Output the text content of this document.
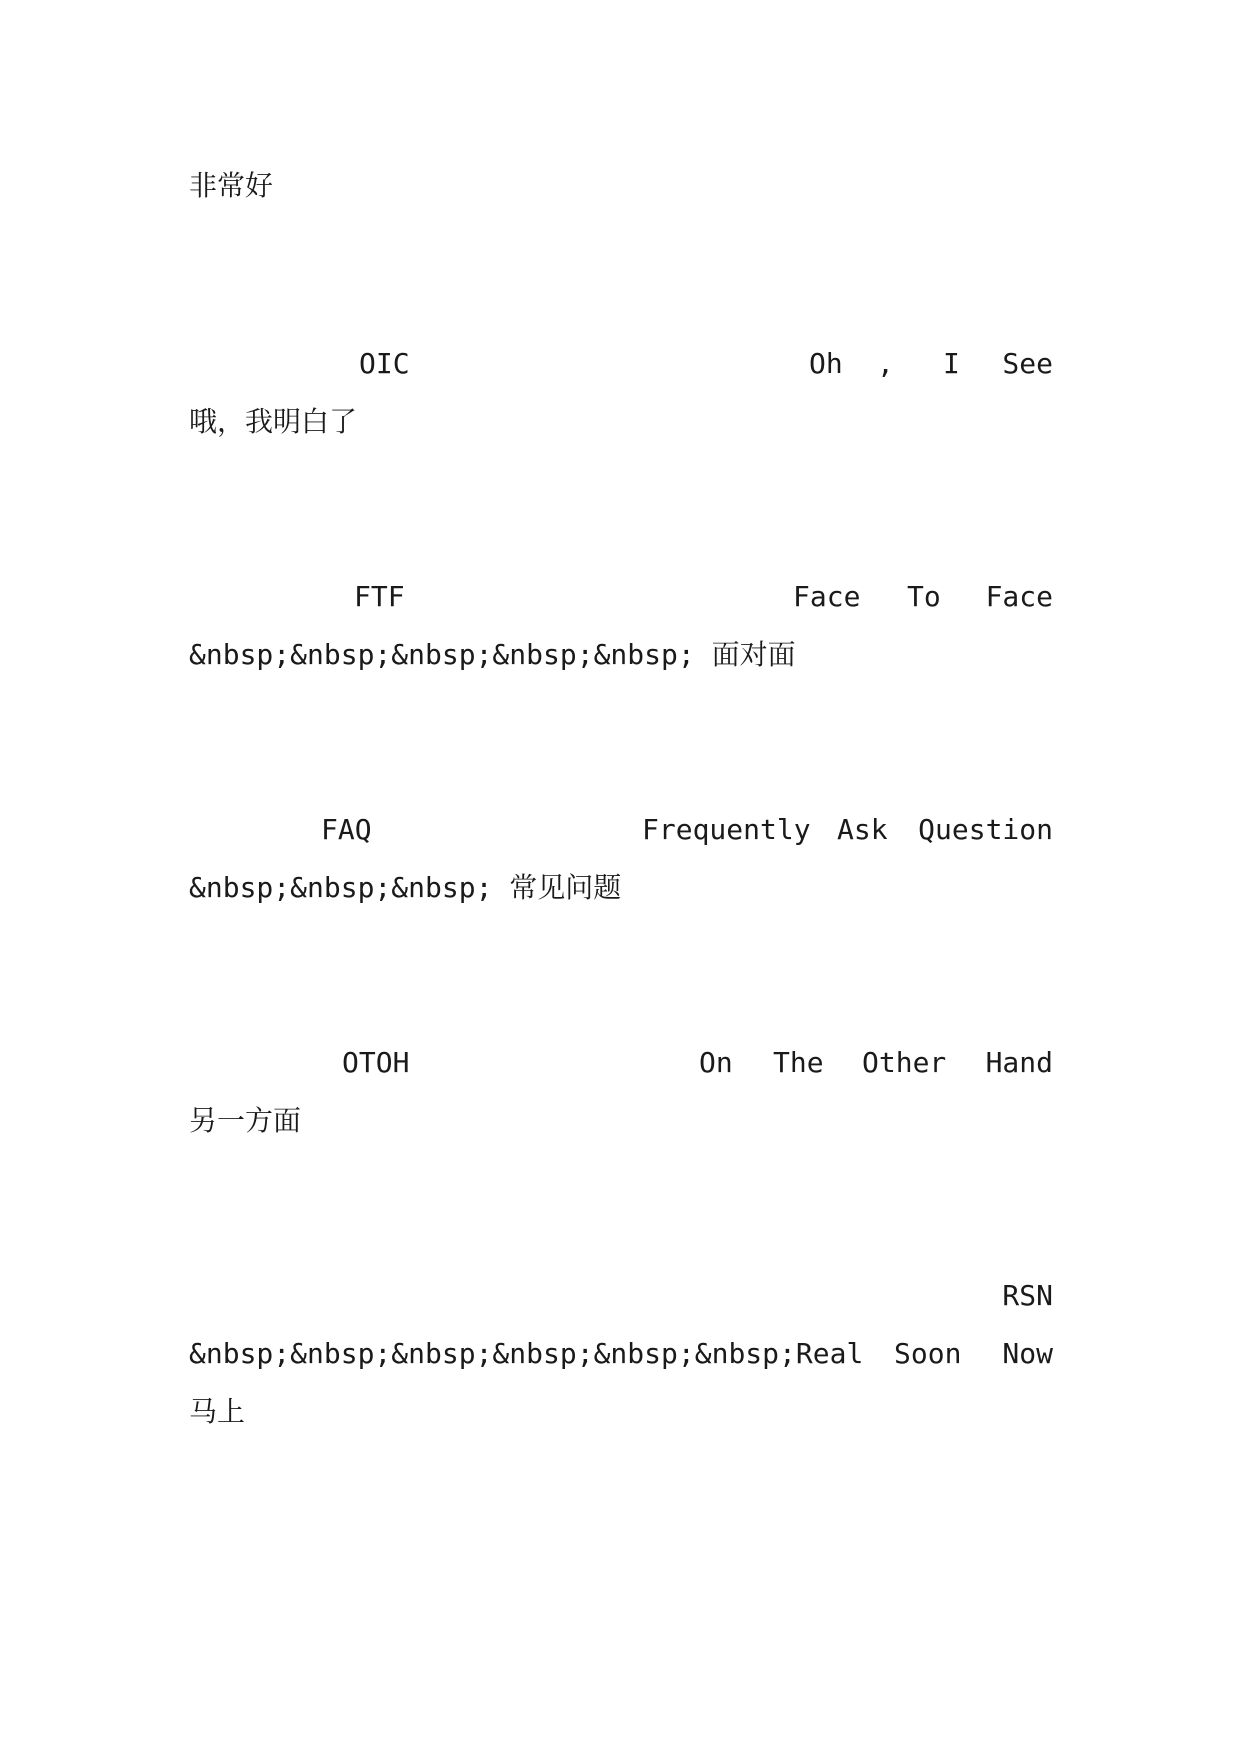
非常好
OIC	Oh , I See
哦，我明白了
FTF	Face To Face
&nbsp;&nbsp;&nbsp;&nbsp;&nbsp; 面对面
FAQ	Frequently Ask Question
&nbsp;&nbsp;&nbsp; 常见问题
OTOH	On The Other Hand
另一方面
RSN
&nbsp;&nbsp;&nbsp;&nbsp;&nbsp;&nbsp;Real Soon Now
马上
